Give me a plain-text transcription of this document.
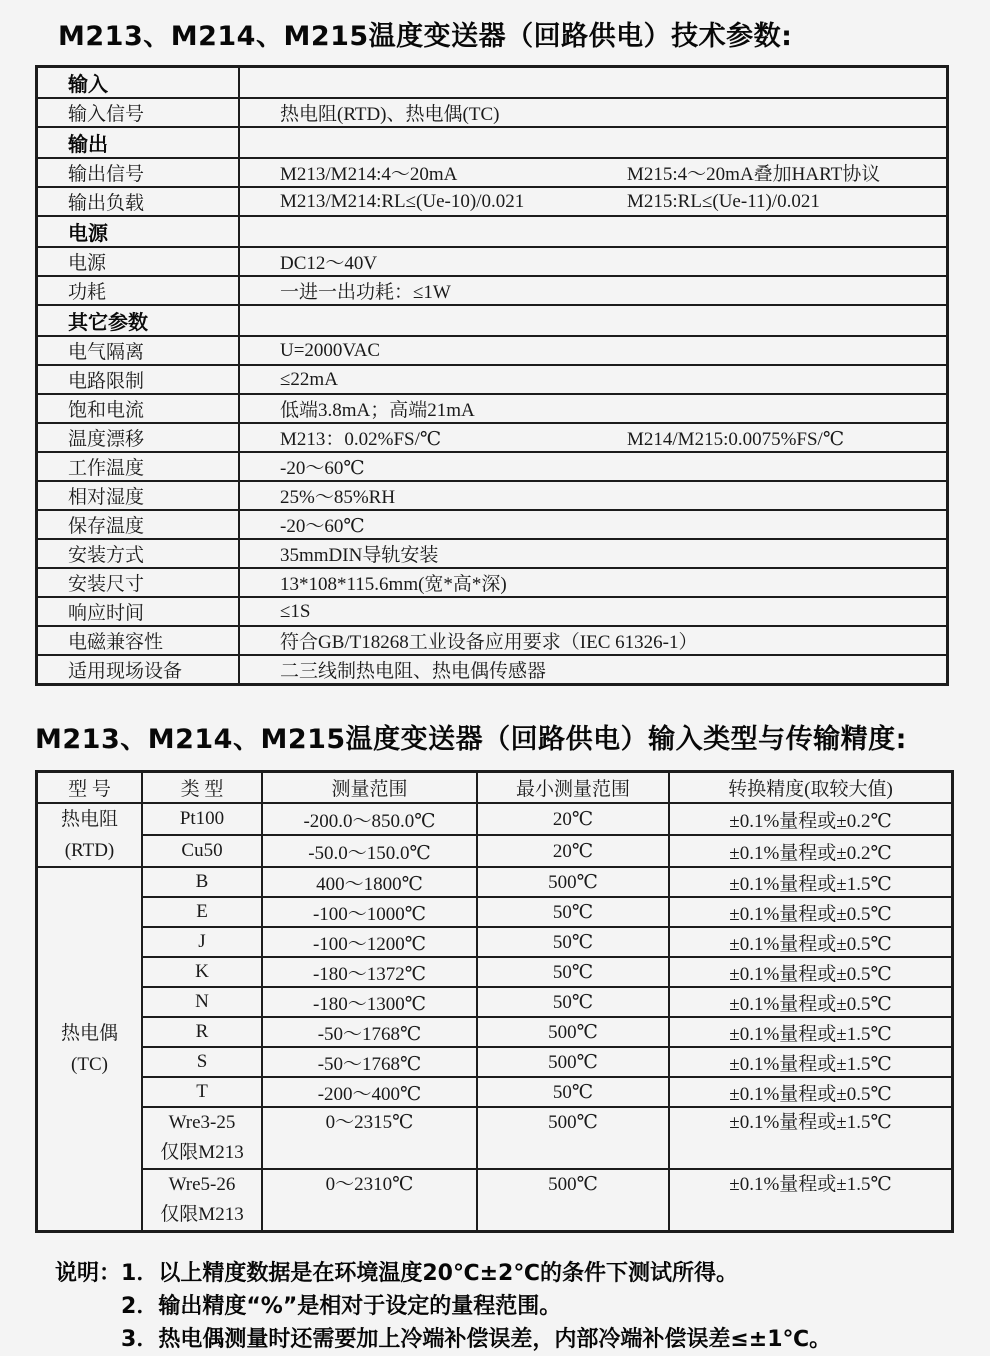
M213、M214、M215温度变送器（回路供电）技术参数:
输入	
输入信号	热电阻(RTD)、热电偶(TC)
输出	
输出信号	M213/M214:4～20mA M215:4～20mA叠加HART协议
输出负载	M213/M214:RL≤(Ue-10)/0.021 M215:RL≤(Ue-11)/0.021
电源	
电源	DC12～40V
功耗	一进一出功耗：≤1W
其它参数	
电气隔离	U=2000VAC
电路限制	≤22mA
饱和电流	低端3.8mA；高端21mA
温度漂移	M213：0.02%FS/℃ M214/M215:0.0075%FS/℃
工作温度	-20～60℃
相对湿度	25%～85%RH
保存温度	-20～60℃
安装方式	35mmDIN导轨安装
安装尺寸	13*108*115.6mm(宽*高*深)
响应时间	≤1S
电磁兼容性	符合GB/T18268工业设备应用要求（IEC 61326-1）
适用现场设备	二三线制热电阻、热电偶传感器
M213、M214、M215温度变送器（回路供电）输入类型与传输精度:
型 号	类 型	测量范围	最小测量范围	转换精度(取较大值)

热电阻
(RTD)	Pt100	-200.0～850.0℃	20℃	±0.1%量程或±0.2℃

	Cu50	-50.0～150.0℃	20℃	±0.1%量程或±0.2℃

热电偶
(TC)	B	400～1800℃	500℃	±0.1%量程或±1.5℃

	E	-100～1000℃	50℃	±0.1%量程或±0.5℃

	J	-100～1200℃	50℃	±0.1%量程或±0.5℃

	K	-180～1372℃	50℃	±0.1%量程或±0.5℃

	N	-180～1300℃	50℃	±0.1%量程或±0.5℃

	R	-50～1768℃	500℃	±0.1%量程或±1.5℃

	S	-50～1768℃	500℃	±0.1%量程或±1.5℃

	T	-200～400℃	50℃	±0.1%量程或±0.5℃

	Wre3-25
仅限M213	0～2315℃	500℃	±0.1%量程或±1.5℃

	Wre5-26
仅限M213	0～2310℃	500℃	±0.1%量程或±1.5℃
说明： 1．以上精度数据是在环境温度20℃±2℃的条件下测试所得。
2．输出精度“%”是相对于设定的量程范围。
3．热电偶测量时还需要加上冷端补偿误差，内部冷端补偿误差≤±1℃。
